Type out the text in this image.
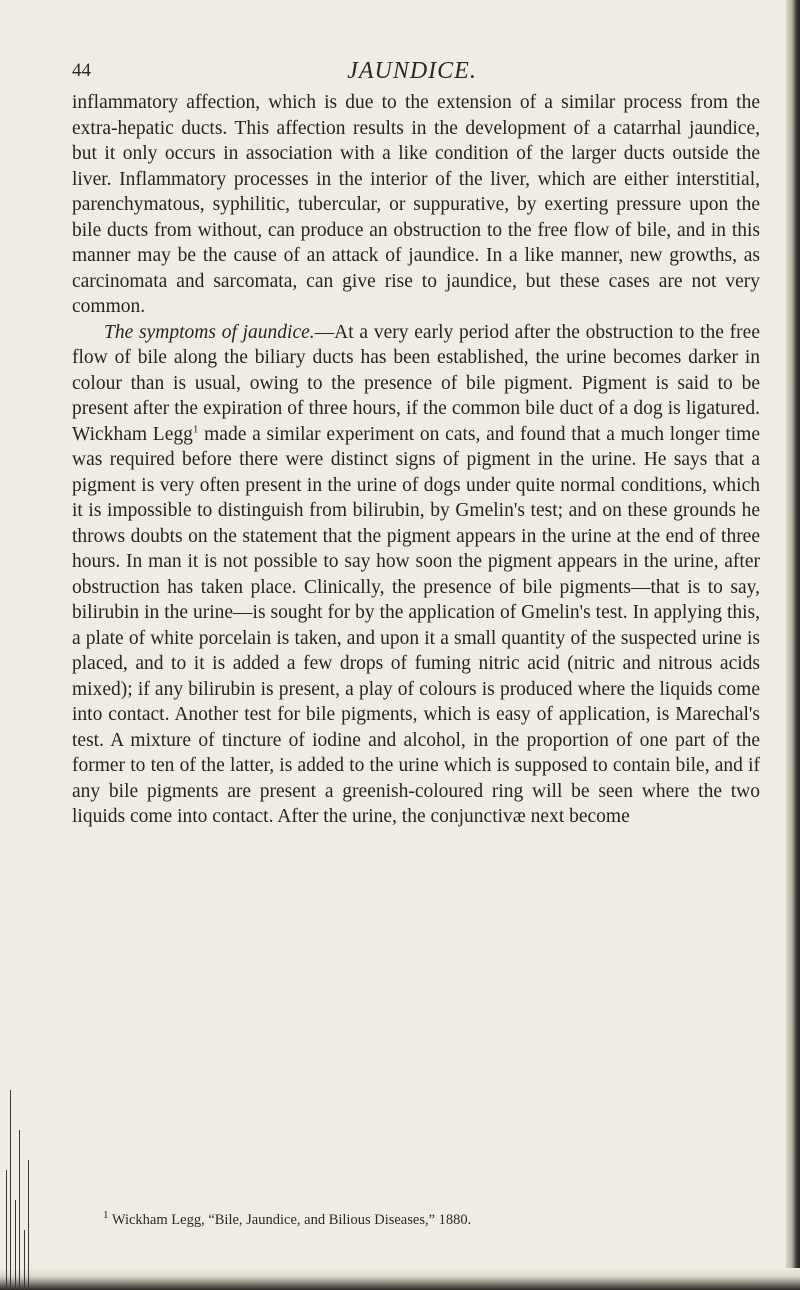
44	JAUNDICE.

inflammatory affection, which is due to the extension of a similar process from the extra-hepatic ducts. This affection results in the development of a catarrhal jaundice, but it only occurs in association with a like condition of the larger ducts outside the liver. Inflammatory processes in the interior of the liver, which are either interstitial, parenchymatous, syphilitic, tubercular, or suppurative, by exerting pressure upon the bile ducts from without, can produce an obstruction to the free flow of bile, and in this manner may be the cause of an attack of jaundice. In a like manner, new growths, as carcinomata and sarcomata, can give rise to jaundice, but these cases are not very common.

The symptoms of jaundice.—At a very early period after the obstruction to the free flow of bile along the biliary ducts has been established, the urine becomes darker in colour than is usual, owing to the presence of bile pigment. Pigment is said to be present after the expiration of three hours, if the common bile duct of a dog is ligatured. Wickham Legg$^1$ made a similar experiment on cats, and found that a much longer time was required before there were distinct signs of pigment in the urine. He says that a pigment is very often present in the urine of dogs under quite normal conditions, which it is impossible to distinguish from bilirubin, by Gmelin's test; and on these grounds he throws doubts on the statement that the pigment appears in the urine at the end of three hours. In man it is not possible to say how soon the pigment appears in the urine, after obstruction has taken place. Clinically, the presence of bile pigments—that is to say, bilirubin in the urine—is sought for by the application of Gmelin's test. In applying this, a plate of white porcelain is taken, and upon it a small quantity of the suspected urine is placed, and to it is added a few drops of fuming nitric acid (nitric and nitrous acids mixed); if any bilirubin is present, a play of colours is produced where the liquids come into contact. Another test for bile pigments, which is easy of application, is Marechal's test. A mixture of tincture of iodine and alcohol, in the proportion of one part of the former to ten of the latter, is added to the urine which is supposed to contain bile, and if any bile pigments are present a greenish-coloured ring will be seen where the two liquids come into contact. After the urine, the conjunctivæ next become

$^1$ Wickham Legg, “Bile, Jaundice, and Bilious Diseases,” 1880.
